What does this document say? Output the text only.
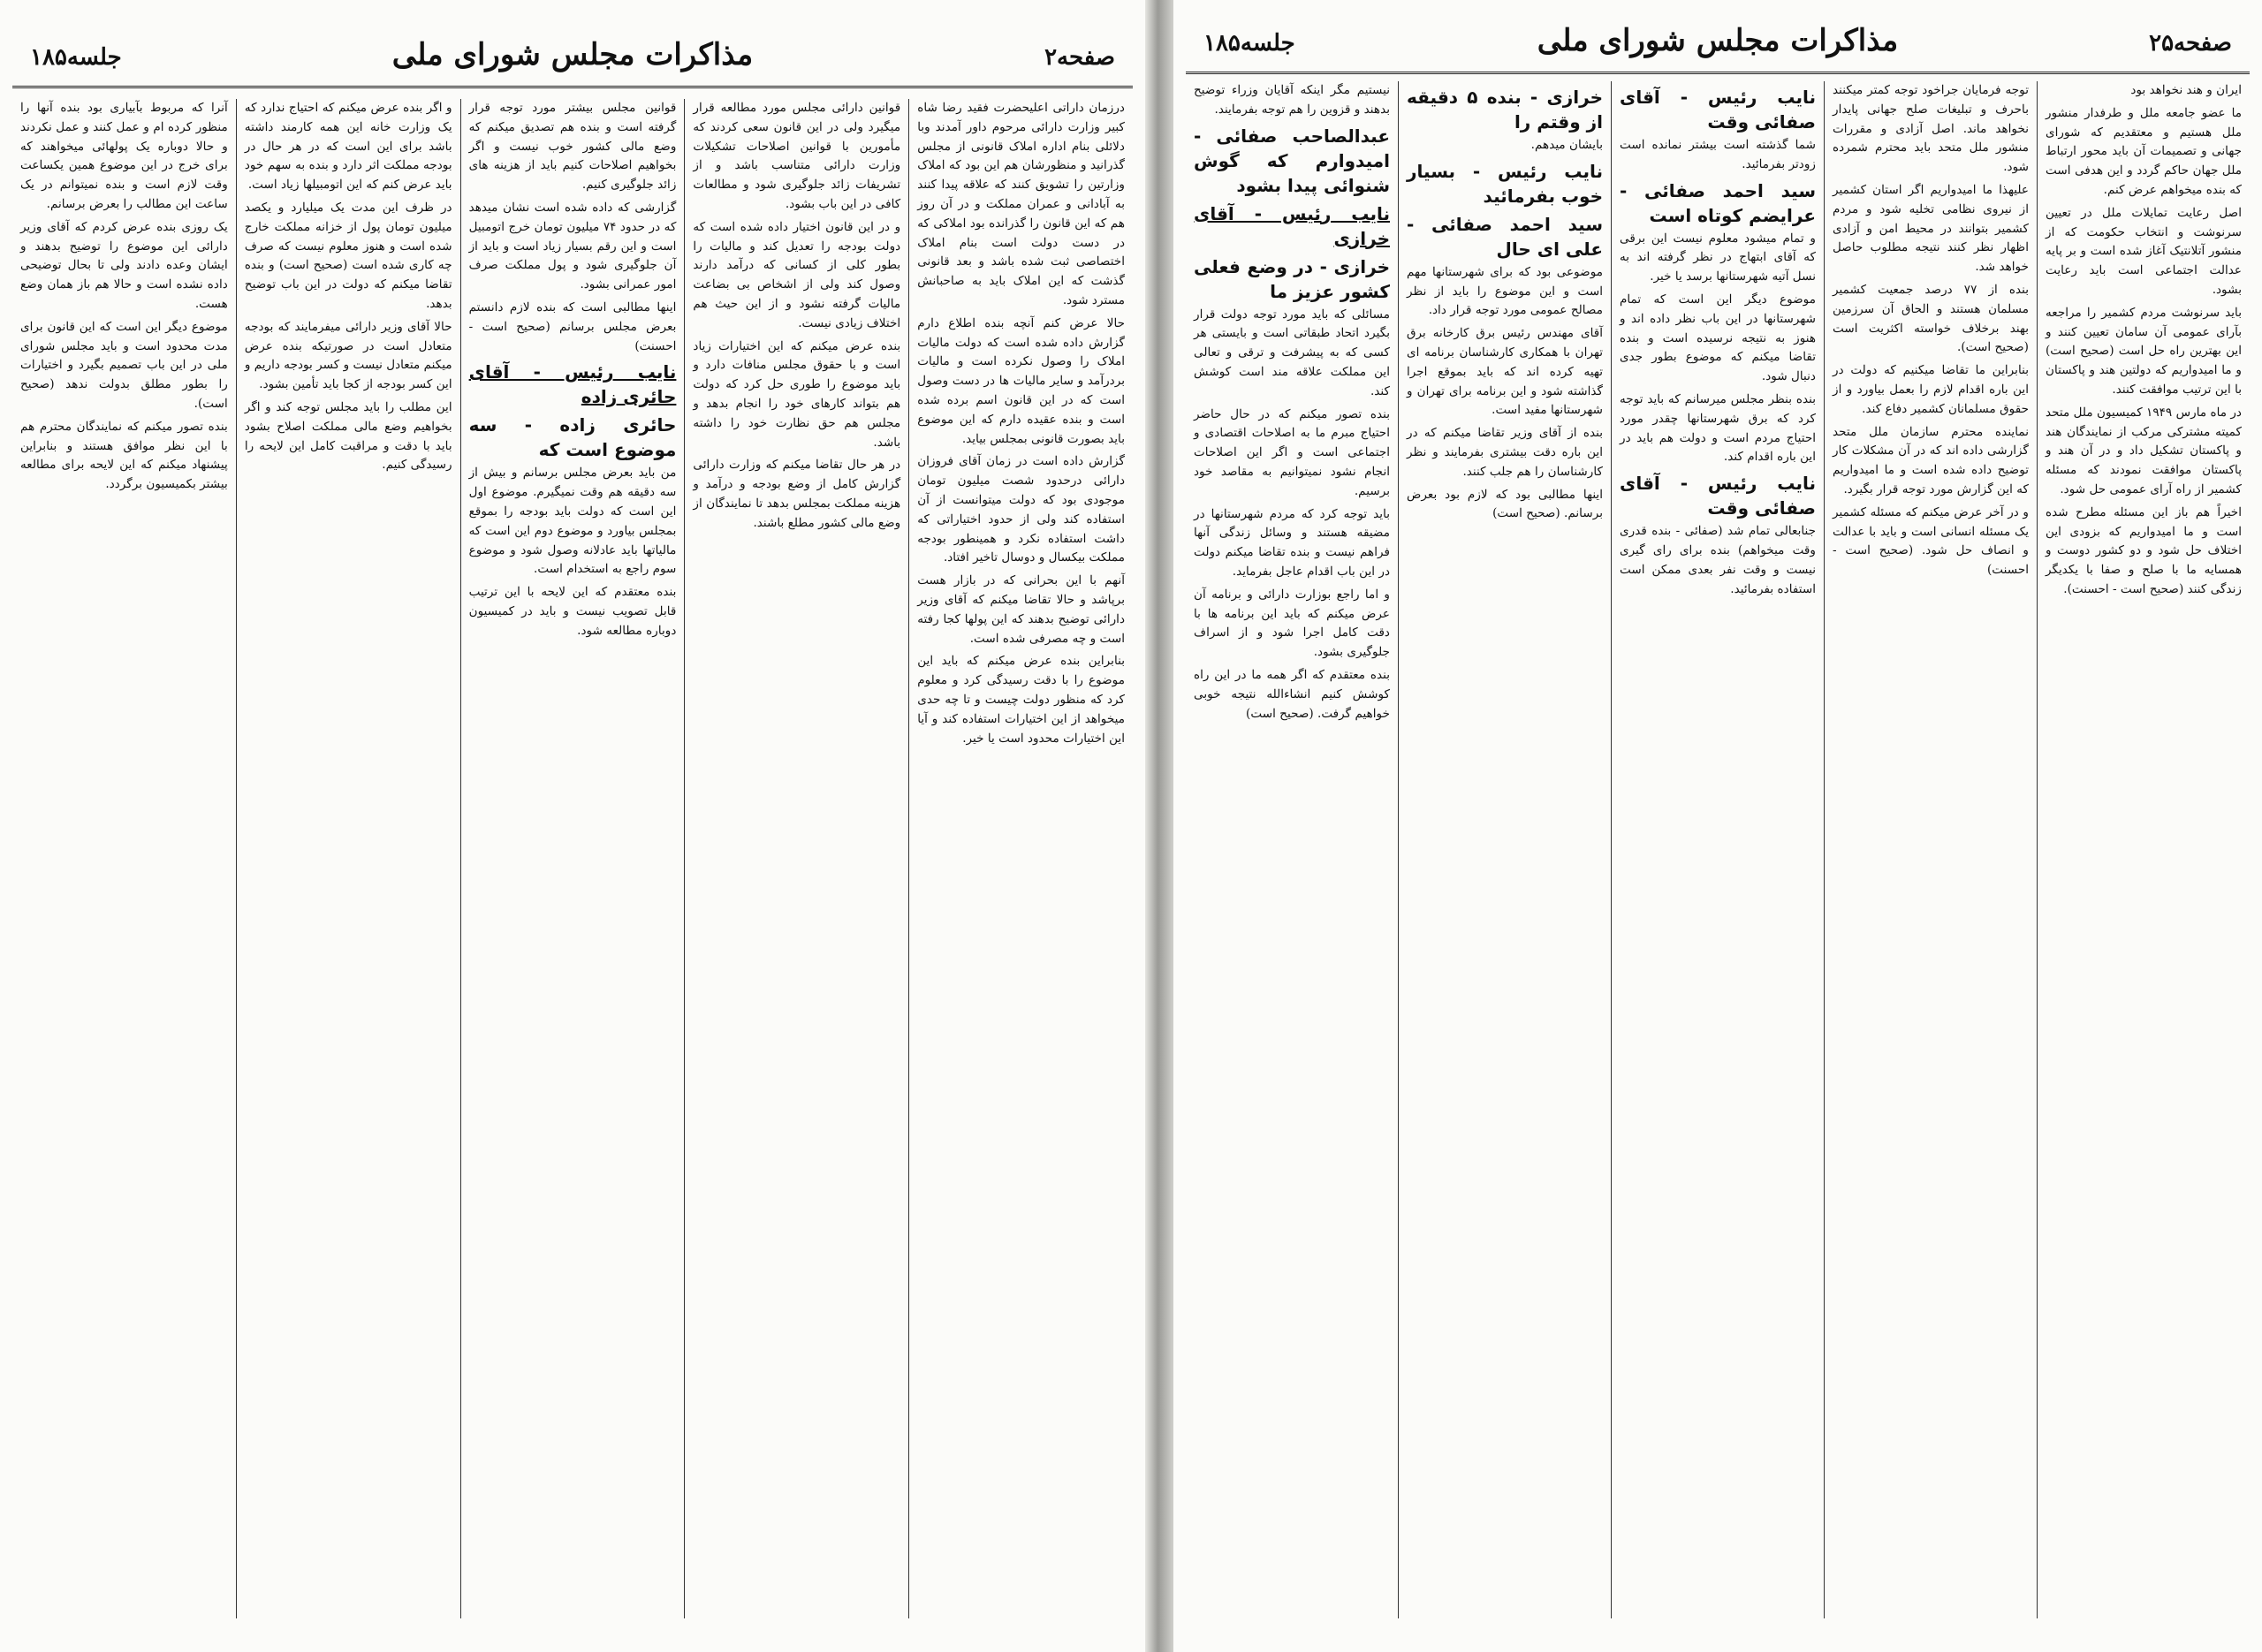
صفحه۲
مذاکرات مجلس شورای ملی
جلسه۱۸۵

درزمان داراتی اعلیحضرت فقید رضا شاه کبیر وزارت دارائی مرحوم داور آمدند وبا دلائلی بنام اداره املاک قانونی از مجلس گذرانید و منظورشان هم این بود که املاک وزارتین را تشویق کنند که علاقه پیدا کنند به آبادانی و عمران مملکت و در آن روز هم که این قانون را گذرانده بود املاکی که در دست دولت است بنام املاک اختصاصی ثبت شده باشد و بعد قانونی گذشت که این املاک باید به صاحبانش مسترد شود.

حالا عرض کنم آنچه بنده اطلاع دارم گزارش داده شده است که دولت مالیات املاک را وصول نکرده است و مالیات بردرآمد و سایر مالیات ها در دست وصول است که در این قانون اسم برده شده است و بنده عقیده دارم که این موضوع باید بصورت قانونی بمجلس بیاید.

گزارش داده است در زمان آقای فروزان دارائی درحدود شصت میلیون تومان موجودی بود که دولت میتوانست از آن استفاده کند ولی از حدود اختیاراتی که داشت استفاده نکرد و همینطور بودجه مملکت بیکسال و دوسال تاخیر افتاد.

آنهم با این بحرانی که در بازار هست برپاشد و حالا تقاضا میکنم که آقای وزیر دارائی توضیح بدهند که این پولها کجا رفته است و چه مصرفی شده است.

بنابراین بنده عرض میکنم که باید این موضوع را با دقت رسیدگی کرد و معلوم کرد که منظور دولت چیست و تا چه حدی میخواهد از این اختیارات استفاده کند و آیا این اختیارات محدود است یا خیر.

قوانین دارائی مجلس مورد مطالعه قرار میگیرد ولی در این قانون سعی کردند که مأمورین با قوانین اصلاحات تشکیلات وزارت دارائی متناسب باشد و از تشریفات زائد جلوگیری شود و مطالعات کافی در این باب بشود.

و در این قانون اختیار داده شده است که دولت بودجه را تعدیل کند و مالیات را بطور کلی از کسانی که درآمد دارند وصول کند ولی از اشخاص بی بضاعت مالیات گرفته نشود و از این حیث هم اختلاف زیادی نیست.

بنده عرض میکنم که این اختیارات زیاد است و با حقوق مجلس منافات دارد و باید موضوع را طوری حل کرد که دولت هم بتواند کارهای خود را انجام بدهد و مجلس هم حق نظارت خود را داشته باشد.

در هر حال تقاضا میکنم که وزارت دارائی گزارش کامل از وضع بودجه و درآمد و هزینه مملکت بمجلس بدهد تا نمایندگان از وضع مالی کشور مطلع باشند.

قوانین مجلس بیشتر مورد توجه قرار گرفته است و بنده هم تصدیق میکنم که وضع مالی کشور خوب نیست و اگر بخواهیم اصلاحات کنیم باید از هزینه های زائد جلوگیری کنیم.

گزارشی که داده شده است نشان میدهد که در حدود ۷۴ میلیون تومان خرج اتومبیل است و این رقم بسیار زیاد است و باید از آن جلوگیری شود و پول مملکت صرف امور عمرانی بشود.

اینها مطالبی است که بنده لازم دانستم بعرض مجلس برسانم (صحیح است - احسنت)

نایب رئیس - آقای حائری زاده
حائری زاده - سه موضوع است که

من باید بعرض مجلس برسانم و بیش از سه دقیقه هم وقت نمیگیرم. موضوع اول این است که دولت باید بودجه را بموقع بمجلس بیاورد و موضوع دوم این است که مالیاتها باید عادلانه وصول شود و موضوع سوم راجع به استخدام است.

بنده معتقدم که این لایحه با این ترتیب قابل تصویب نیست و باید در کمیسیون دوباره مطالعه شود.

و اگر بنده عرض میکنم که احتیاج ندارد که یک وزارت خانه این همه کارمند داشته باشد برای این است که در هر حال در بودجه مملکت اثر دارد و بنده به سهم خود باید عرض کنم که این اتومبیلها زیاد است.

در ظرف این مدت یک میلیارد و یکصد میلیون تومان پول از خزانه مملکت خارج شده است و هنوز معلوم نیست که صرف چه کاری شده است (صحیح است) و بنده تقاضا میکنم که دولت در این باب توضیح بدهد.

حالا آقای وزیر دارائی میفرمایند که بودجه متعادل است در صورتیکه بنده عرض میکنم متعادل نیست و کسر بودجه داریم و این کسر بودجه از کجا باید تأمین بشود.

این مطلب را باید مجلس توجه کند و اگر بخواهیم وضع مالی مملکت اصلاح بشود باید با دقت و مراقبت کامل این لایحه را رسیدگی کنیم.

آنرا که مربوط بآبیاری بود بنده آنها را منظور کرده ام و عمل کنند و عمل نکردند و حالا دوباره یک پولهائی میخواهند که برای خرج در این موضوع همین یکساعت وقت لازم است و بنده نمیتوانم در یک ساعت این مطالب را بعرض برسانم.

یک روزی بنده عرض کردم که آقای وزیر دارائی این موضوع را توضیح بدهند و ایشان وعده دادند ولی تا بحال توضیحی داده نشده است و حالا هم باز همان وضع هست.

موضوع دیگر این است که این قانون برای مدت محدود است و باید مجلس شورای ملی در این باب تصمیم بگیرد و اختیارات را بطور مطلق بدولت ندهد (صحیح است).

بنده تصور میکنم که نمایندگان محترم هم با این نظر موافق هستند و بنابراین پیشنهاد میکنم که این لایحه برای مطالعه بیشتر بکمیسیون برگردد.

صفحه۲۵
مذاکرات مجلس شورای ملی
جلسه۱۸۵

ایران و هند نخواهد بود

ما عضو جامعه ملل و طرفدار منشور ملل هستیم و معتقدیم که شورای جهانی و تصمیمات آن باید محور ارتباط ملل جهان حاکم گردد و این هدفی است که بنده میخواهم عرض کنم.

اصل رعایت تمایلات ملل در تعیین سرنوشت و انتخاب حکومت که از منشور آتلانتیک آغاز شده است و بر پایه عدالت اجتماعی است باید رعایت بشود.

باید سرنوشت مردم کشمیر را مراجعه بآرای عمومی آن سامان تعیین کنند و این بهترین راه حل است (صحیح است) و ما امیدواریم که دولتین هند و پاکستان با این ترتیب موافقت کنند.

در ماه مارس ۱۹۴۹ کمیسیون ملل متحد کمیته مشترکی مرکب از نمایندگان هند و پاکستان تشکیل داد و در آن هند و پاکستان موافقت نمودند که مسئله کشمیر از راه آرای عمومی حل شود.

اخیراً هم باز این مسئله مطرح شده است و ما امیدواریم که بزودی این اختلاف حل شود و دو کشور دوست و همسایه ما با صلح و صفا با یکدیگر زندگی کنند (صحیح است - احسنت).

توجه فرمایان جراخود توجه کمتر میکنند باحرف و تبلیغات صلح جهانی پایدار نخواهد ماند. اصل آزادی و مقررات منشور ملل متحد باید محترم شمرده شود.

علیهذا ما امیدواریم اگر استان کشمیر از نیروی نظامی تخلیه شود و مردم کشمیر بتوانند در محیط امن و آزادی اظهار نظر کنند نتیجه مطلوب حاصل خواهد شد.

بنده از ۷۷ درصد جمعیت کشمیر مسلمان هستند و الحاق آن سرزمین بهند برخلاف خواسته اکثریت است (صحیح است).

بنابراین ما تقاضا میکنیم که دولت در این باره اقدام لازم را بعمل بیاورد و از حقوق مسلمانان کشمیر دفاع کند.

نماینده محترم سازمان ملل متحد گزارشی داده اند که در آن مشکلات کار توضیح داده شده است و ما امیدواریم که این گزارش مورد توجه قرار بگیرد.

و در آخر عرض میکنم که مسئله کشمیر یک مسئله انسانی است و باید با عدالت و انصاف حل شود. (صحیح است - احسنت)

نایب رئیس - آقای صفائی وقت

شما گذشته است بیشتر نمانده است زودتر بفرمائید.

سید احمد صفائی - عرایضم کوتاه است

و تمام میشود معلوم نیست این برقی که آقای ابتهاج در نظر گرفته اند به نسل آتیه شهرستانها برسد یا خیر.

موضوع دیگر این است که تمام شهرستانها در این باب نظر داده اند و هنوز به نتیجه نرسیده است و بنده تقاضا میکنم که موضوع بطور جدی دنبال شود.

بنده بنظر مجلس میرسانم که باید توجه کرد که برق شهرستانها چقدر مورد احتیاج مردم است و دولت هم باید در این باره اقدام کند.

نایب رئیس - آقای صفائی وقت

جنابعالی تمام شد (صفائی - بنده قدری وقت میخواهم) بنده برای رای گیری نیست و وقت نفر بعدی ممکن است استفاده بفرمائید.

خرازی - بنده ۵ دقیقه از وقتم را

بایشان میدهم.

نایب رئیس - بسیار خوب بفرمائید
سید احمد صفائی - علی ای حال

موضوعی بود که برای شهرستانها مهم است و این موضوع را باید از نظر مصالح عمومی مورد توجه قرار داد.

آقای مهندس رئیس برق کارخانه برق تهران با همکاری کارشناسان برنامه ای تهیه کرده اند که باید بموقع اجرا گذاشته شود و این برنامه برای تهران و شهرستانها مفید است.

بنده از آقای وزیر تقاضا میکنم که در این باره دقت بیشتری بفرمایند و نظر کارشناسان را هم جلب کنند.

اینها مطالبی بود که لازم بود بعرض برسانم. (صحیح است)

نیستیم مگر اینکه آقایان وزراء توضیح بدهند و قزوین را هم توجه بفرمایند.

عبدالصاحب صفائی - امیدوارم که گوش شنوائی پیدا بشود
نایب رئیس - آقای خرازی
خرازی - در وضع فعلی کشور عزیز ما

مسائلی که باید مورد توجه دولت قرار بگیرد اتحاد طبقاتی است و بایستی هر کسی که به پیشرفت و ترقی و تعالی این مملکت علاقه مند است کوشش کند.

بنده تصور میکنم که در حال حاضر احتیاج مبرم ما به اصلاحات اقتصادی و اجتماعی است و اگر این اصلاحات انجام نشود نمیتوانیم به مقاصد خود برسیم.

باید توجه کرد که مردم شهرستانها در مضیقه هستند و وسائل زندگی آنها فراهم نیست و بنده تقاضا میکنم دولت در این باب اقدام عاجل بفرماید.

و اما راجع بوزارت دارائی و برنامه آن عرض میکنم که باید این برنامه ها با دقت کامل اجرا شود و از اسراف جلوگیری بشود.

بنده معتقدم که اگر همه ما در این راه کوشش کنیم انشاءالله نتیجه خوبی خواهیم گرفت. (صحیح است)
